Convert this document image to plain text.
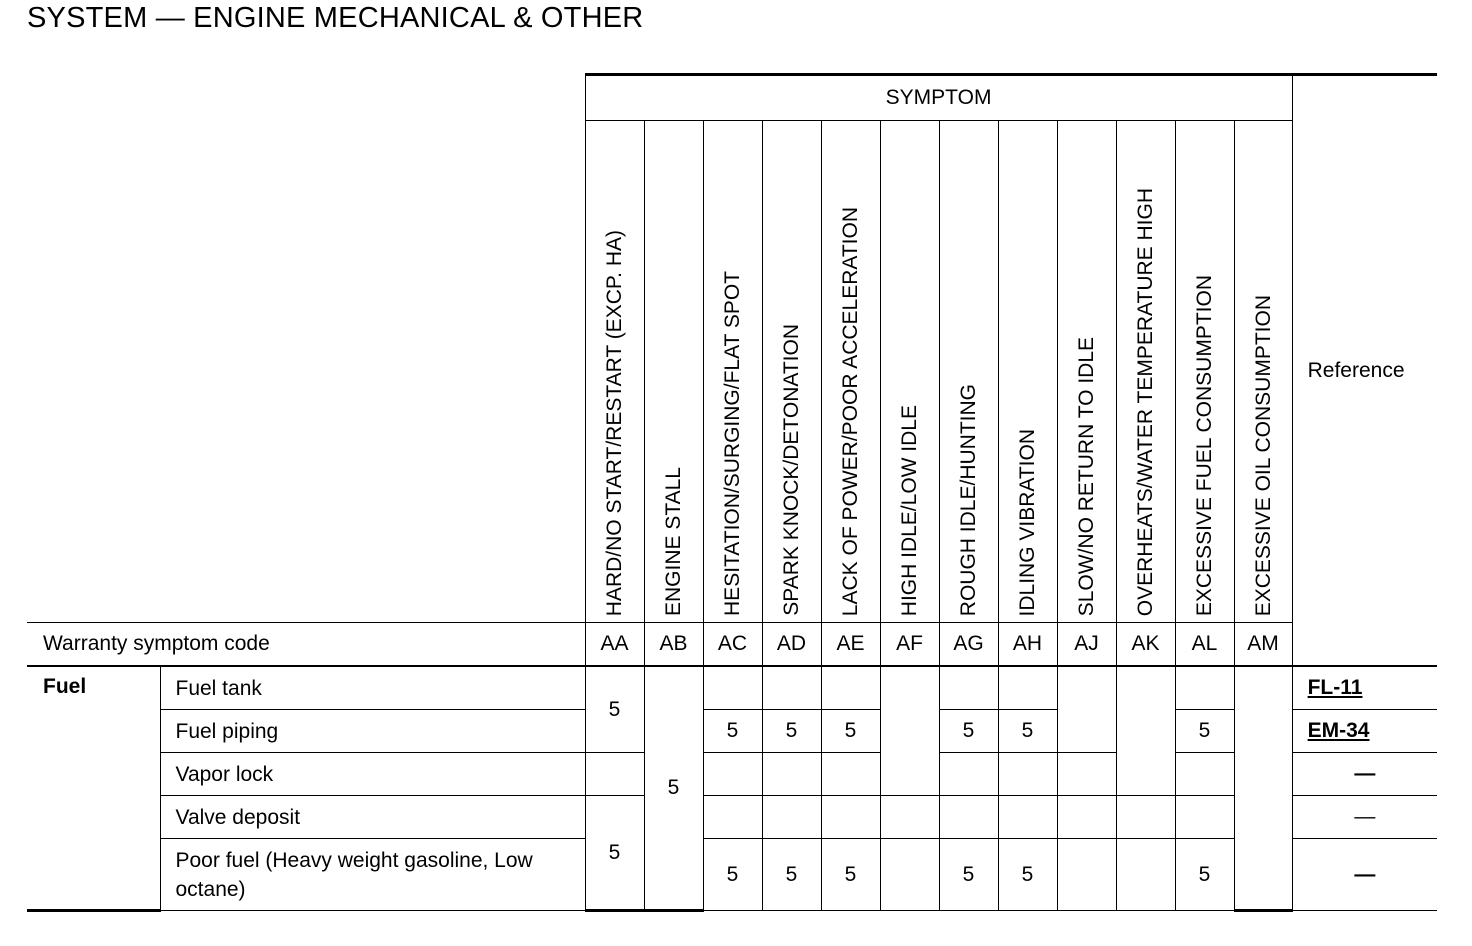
SYSTEM — ENGINE MECHANICAL & OTHER
		SYMPTOM												Reference
		HARD/NO START/RESTART (EXCP. HA)	ENGINE STALL	HESITATION/SURGING/FLAT SPOT	SPARK KNOCK/DETONATION	LACK OF POWER/POOR ACCELERATION	HIGH IDLE/LOW IDLE	ROUGH IDLE/HUNTING	IDLING VIBRATION	SLOW/NO RETURN TO IDLE	OVERHEATS/WATER TEMPERATURE HIGH	EXCESSIVE FUEL CONSUMPTION	EXCESSIVE OIL CONSUMPTION	
Warranty symptom code		AA	AB	AC	AD	AE	AF	AG	AH	AJ	AK	AL	AM	
Fuel	Fuel tank	5	5											FL-11
	Fuel piping			5	5	5		5	5			5		EM-34
	Vapor lock													—
	Valve deposit	5												—
	Poor fuel (Heavy weight gasoline, Low octane)			5	5	5		5	5			5		—
